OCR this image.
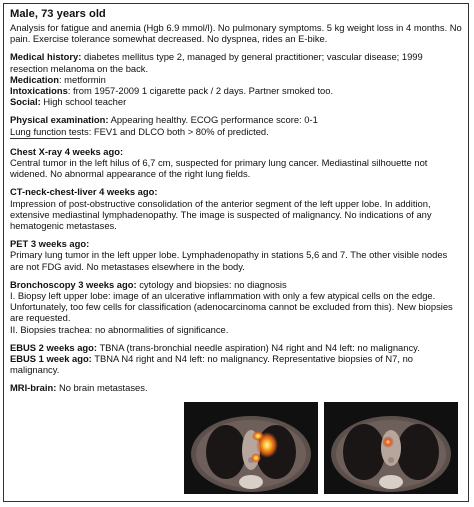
Male, 73 years old
Analysis for fatigue and anemia (Hgb 6.9 mmol/l). No pulmonary symptoms. 5 kg weight loss in 4 months. No pain. Exercise tolerance somewhat decreased. No dyspnea, rides an E-bike.
Medical history: diabetes mellitus type 2, managed by general practitioner; vascular disease; 1999 resection melanoma on the back.
Medication: metformin
Intoxications: from 1957-2009 1 cigarette pack / 2 days. Partner smoked too.
Social: High school teacher
Physical examination: Appearing healthy. ECOG performance score: 0-1
Lung function tests: FEV1 and DLCO both > 80% of predicted.
Chest X-ray 4 weeks ago:
Central tumor in the left hilus of 6,7 cm, suspected for primary lung cancer. Mediastinal silhouette not widened. No abnormal appearance of the right lung fields.
CT-neck-chest-liver 4 weeks ago:
Impression of post-obstructive consolidation of the anterior segment of the left upper lobe. In addition, extensive mediastinal lymphadenopathy. The image is suspected of malignancy. No indications of any hematogenic metastases.
PET 3 weeks ago:
Primary lung tumor in the left upper lobe. Lymphadenopathy in stations 5,6 and 7. The other visible nodes are not FDG avid. No metastases elsewhere in the body.
Bronchoscopy 3 weeks ago: cytology and biopsies: no diagnosis
I. Biopsy left upper lobe: image of an ulcerative inflammation with only a few atypical cells on the edge. Unfortunately, too few cells for classification (adenocarcinoma cannot be excluded from this). New biopsies are requested.
II. Biopsies trachea: no abnormalities of significance.
EBUS 2 weeks ago: TBNA (trans-bronchial needle aspiration) N4 right and N4 left: no malignancy.
EBUS 1 week ago: TBNA N4 right and N4 left: no malignancy. Representative biopsies of N7, no malignancy.
MRI-brain: No brain metastases.
